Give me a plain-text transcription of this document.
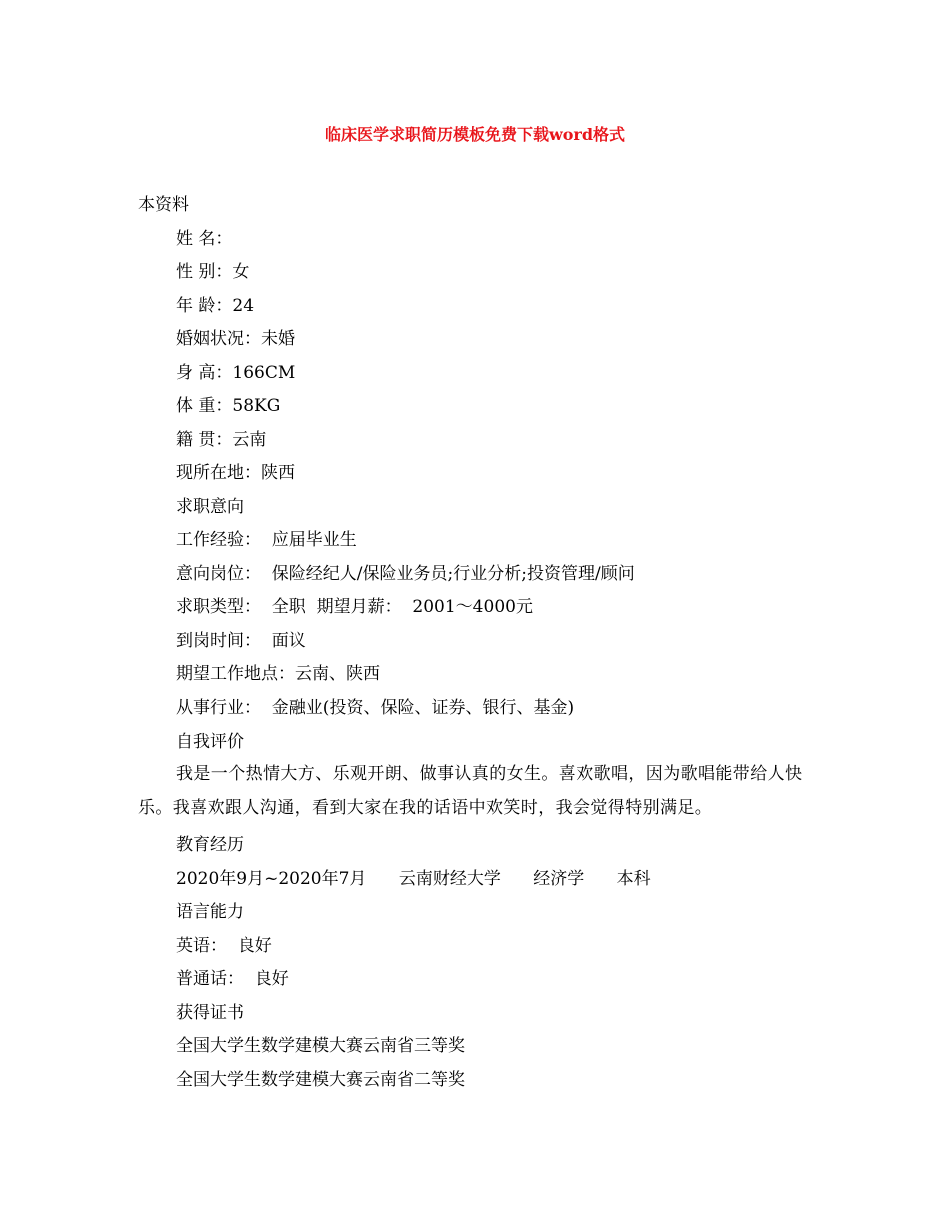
临床医学求职简历模板免费下载word格式
本资料
姓 名：
性 别：女
年 龄：24
婚姻状况：未婚
身 高：166CM
体 重：58KG
籍 贯：云南
现所在地：陕西
求职意向
工作经验：  应届毕业生
意向岗位：  保险经纪人/保险业务员;行业分析;投资管理/顾问
求职类型：  全职  期望月薪：  2001～4000元
到岗时间：  面议
期望工作地点：云南、陕西
从事行业：  金融业(投资、保险、证券、银行、基金)
自我评价
我是一个热情大方、乐观开朗、做事认真的女生。喜欢歌唱，因为歌唱能带给人快乐。我喜欢跟人沟通，看到大家在我的话语中欢笑时，我会觉得特别满足。
教育经历
2020年9月~2020年7月      云南财经大学      经济学      本科
语言能力
英语：  良好
普通话：  良好
获得证书
全国大学生数学建模大赛云南省三等奖
全国大学生数学建模大赛云南省二等奖
